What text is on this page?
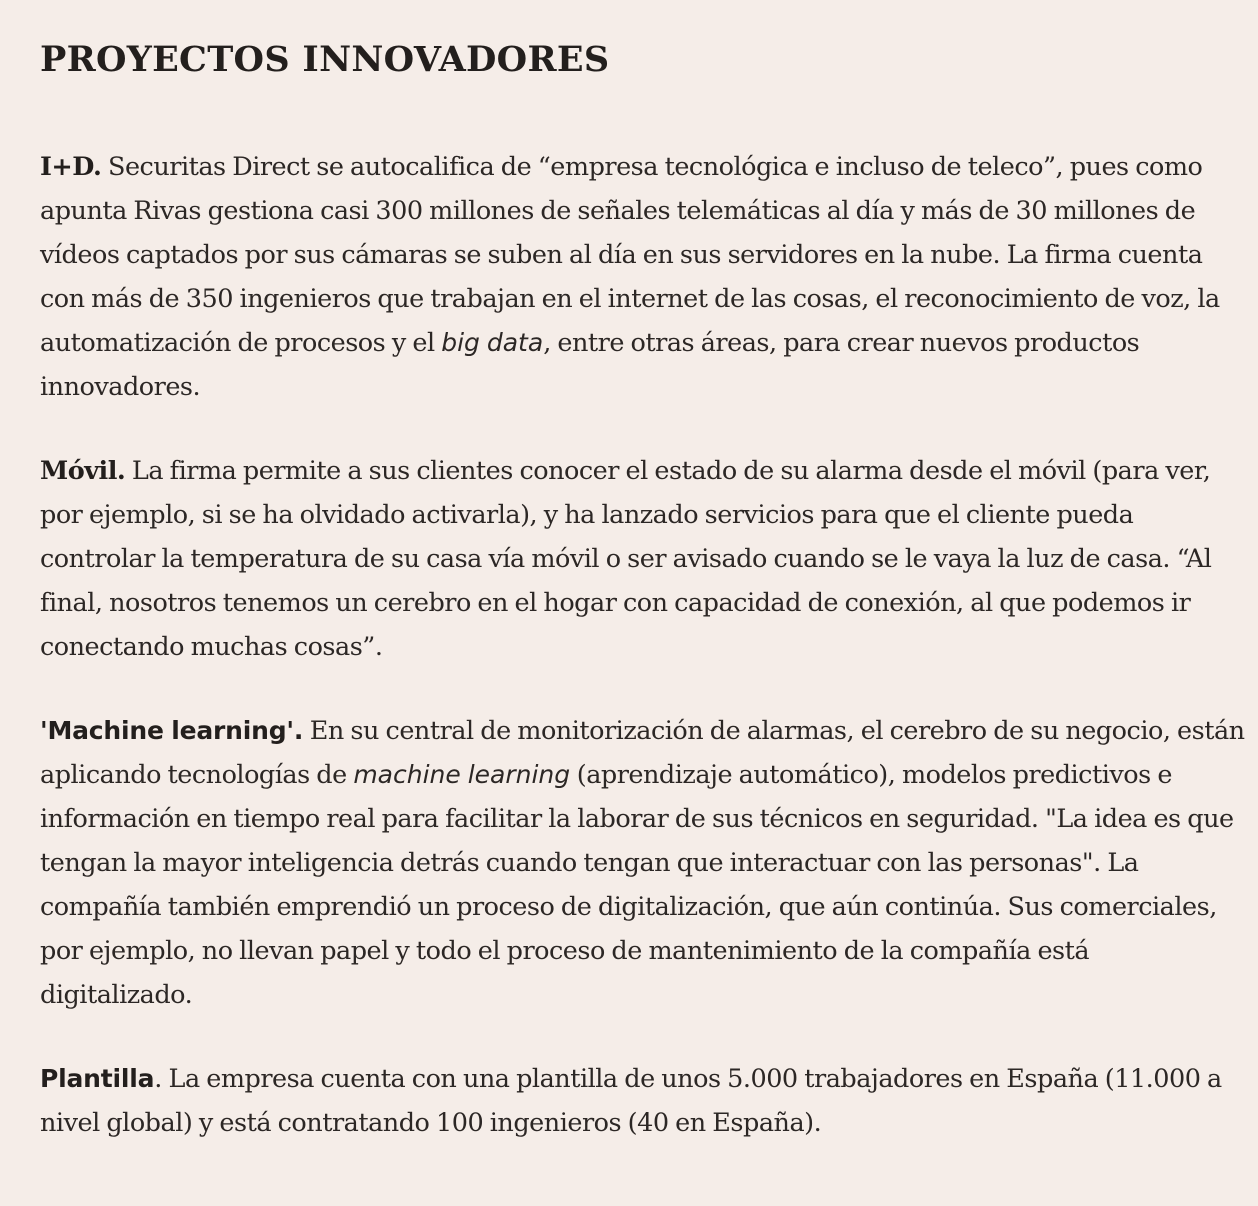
PROYECTOS INNOVADORES

I+D. Securitas Direct se autocalifica de “empresa tecnológica e incluso de teleco”, pues como apunta Rivas gestiona casi 300 millones de señales telemáticas al día y más de 30 millones de vídeos captados por sus cámaras se suben al día en sus servidores en la nube. La firma cuenta con más de 350 ingenieros que trabajan en el internet de las cosas, el reconocimiento de voz, la automatización de procesos y el big data, entre otras áreas, para crear nuevos productos innovadores.

Móvil. La firma permite a sus clientes conocer el estado de su alarma desde el móvil (para ver, por ejemplo, si se ha olvidado activarla), y ha lanzado servicios para que el cliente pueda controlar la temperatura de su casa vía móvil o ser avisado cuando se le vaya la luz de casa. “Al final, nosotros tenemos un cerebro en el hogar con capacidad de conexión, al que podemos ir conectando muchas cosas”.

'Machine learning'. En su central de monitorización de alarmas, el cerebro de su negocio, están aplicando tecnologías de machine learning (aprendizaje automático), modelos predictivos e información en tiempo real para facilitar la laborar de sus técnicos en seguridad. "La idea es que tengan la mayor inteligencia detrás cuando tengan que interactuar con las personas". La compañía también emprendió un proceso de digitalización, que aún continúa. Sus comerciales, por ejemplo, no llevan papel y todo el proceso de mantenimiento de la compañía está digitalizado.

Plantilla. La empresa cuenta con una plantilla de unos 5.000 trabajadores en España (11.000 a nivel global) y está contratando 100 ingenieros (40 en España).
